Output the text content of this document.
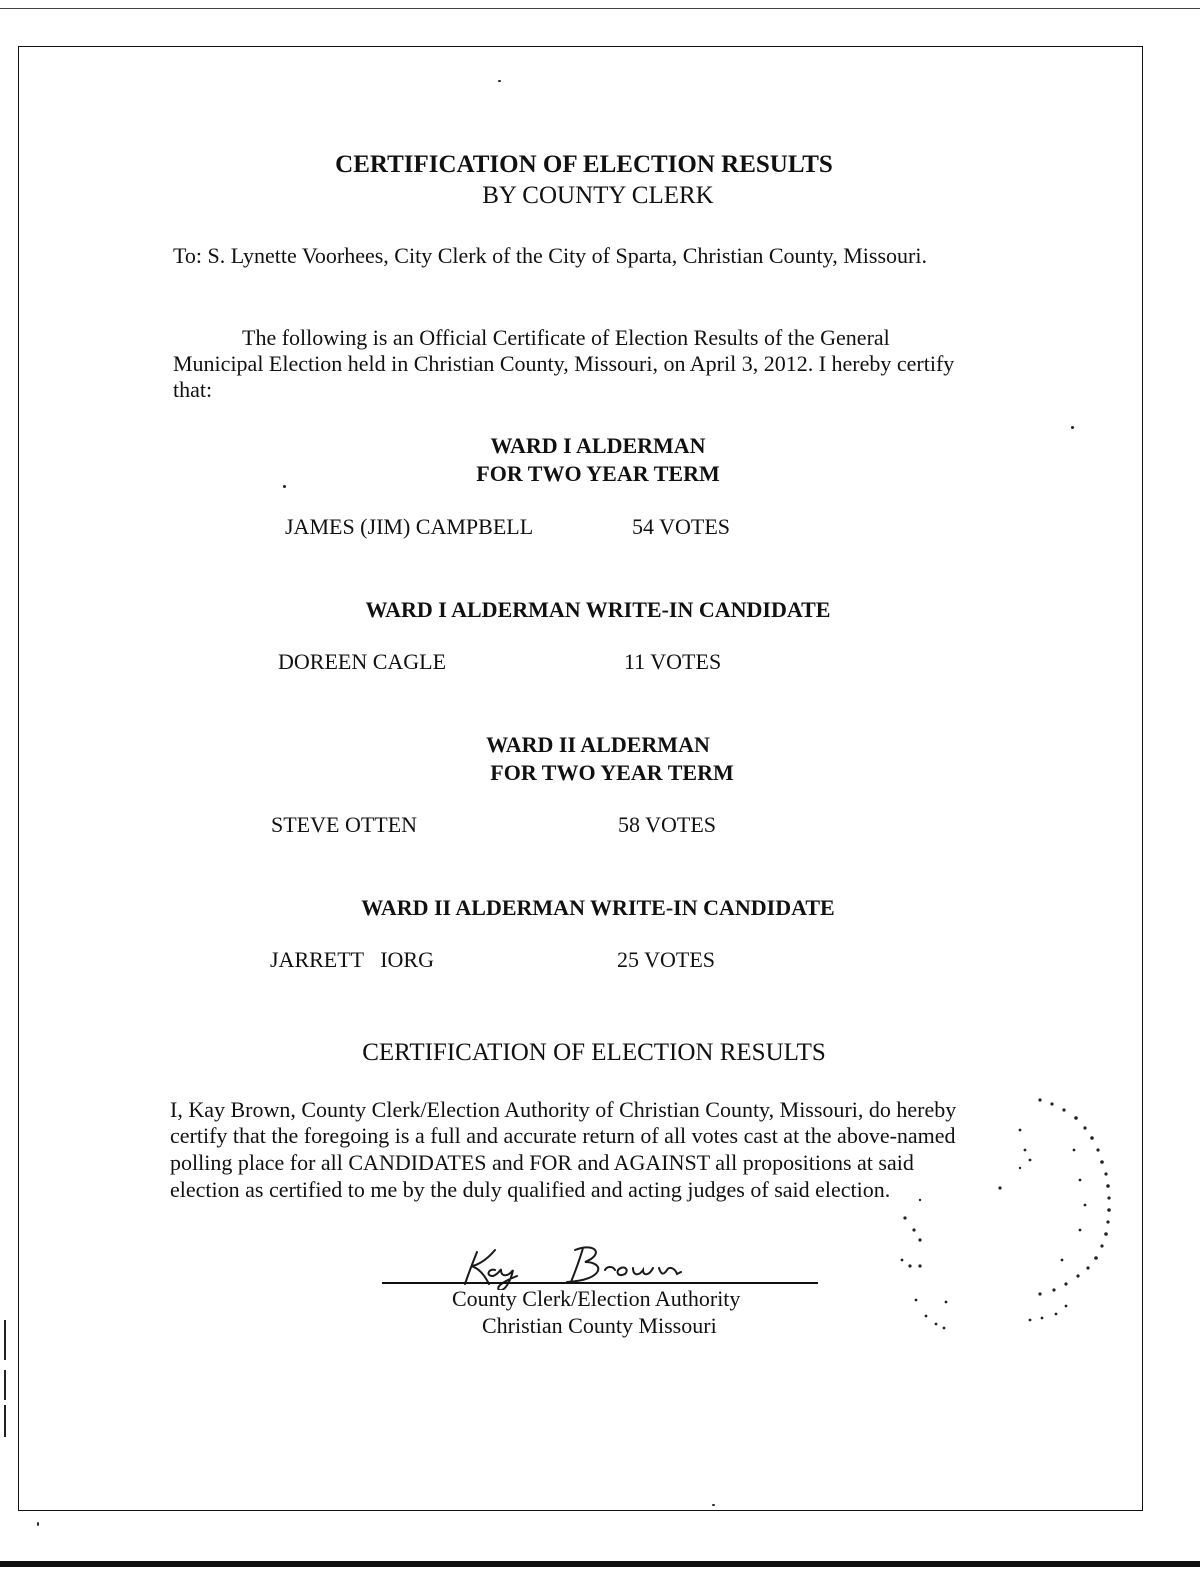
CERTIFICATION OF ELECTION RESULTS
BY COUNTY CLERK
To: S. Lynette Voorhees, City Clerk of the City of Sparta, Christian County, Missouri.
The following is an Official Certificate of Election Results of the General
Municipal Election held in Christian County, Missouri, on April 3, 2012. I hereby certify
that:
WARD I ALDERMAN
FOR TWO YEAR TERM
JAMES (JIM) CAMPBELL	54 VOTES
WARD I ALDERMAN WRITE-IN CANDIDATE
DOREEN CAGLE	11 VOTES
WARD II ALDERMAN
FOR TWO YEAR TERM
STEVE OTTEN	58 VOTES
WARD II ALDERMAN WRITE-IN CANDIDATE
JARRETT   IORG	25 VOTES
CERTIFICATION OF ELECTION RESULTS
I, Kay Brown, County Clerk/Election Authority of Christian County, Missouri, do hereby
certify that the foregoing is a full and accurate return of all votes cast at the above-named
polling place for all CANDIDATES and FOR and AGAINST all propositions at said
election as certified to me by the duly qualified and acting judges of said election.
County Clerk/Election Authority
Christian County Missouri
